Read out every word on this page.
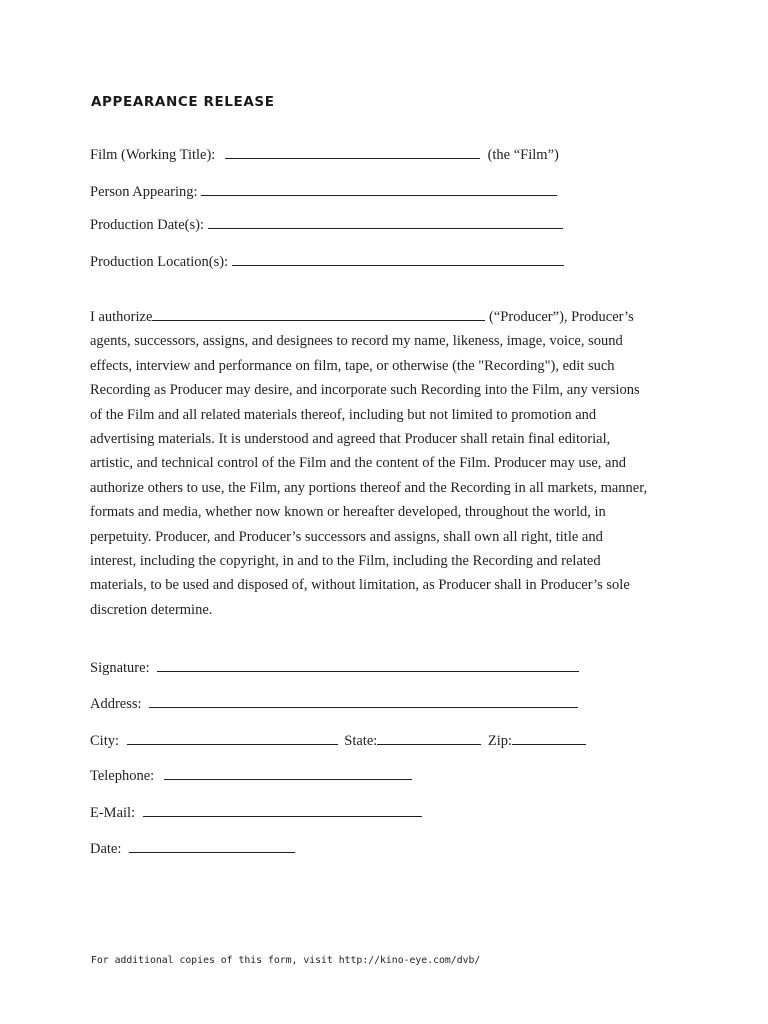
APPEARANCE RELEASE
Film (Working Title):	(the “Film”)
Person Appearing:
Production Date(s):
Production Location(s):

I authorize	(“Producer”), Producer’s agents, successors, assigns, and designees to record my name, likeness, image, voice, sound effects, interview and performance on film, tape, or otherwise (the "Recording"), edit such Recording as Producer may desire, and incorporate such Recording into the Film, any versions of the Film and all related materials thereof, including but not limited to promotion and advertising materials. It is understood and agreed that Producer shall retain final editorial, artistic, and technical control of the Film and the content of the Film. Producer may use, and authorize others to use, the Film, any portions thereof and the Recording in all markets, manner, formats and media, whether now known or hereafter developed, throughout the world, in perpetuity. Producer, and Producer’s successors and assigns, shall own all right, title and interest, including the copyright, in and to the Film, including the Recording and related materials, to be used and disposed of, without limitation, as Producer shall in Producer’s sole discretion determine.

Signature:
Address:
City:	State:	Zip:
Telephone:
E-Mail:
Date:
For additional copies of this form, visit http://kino-eye.com/dvb/
